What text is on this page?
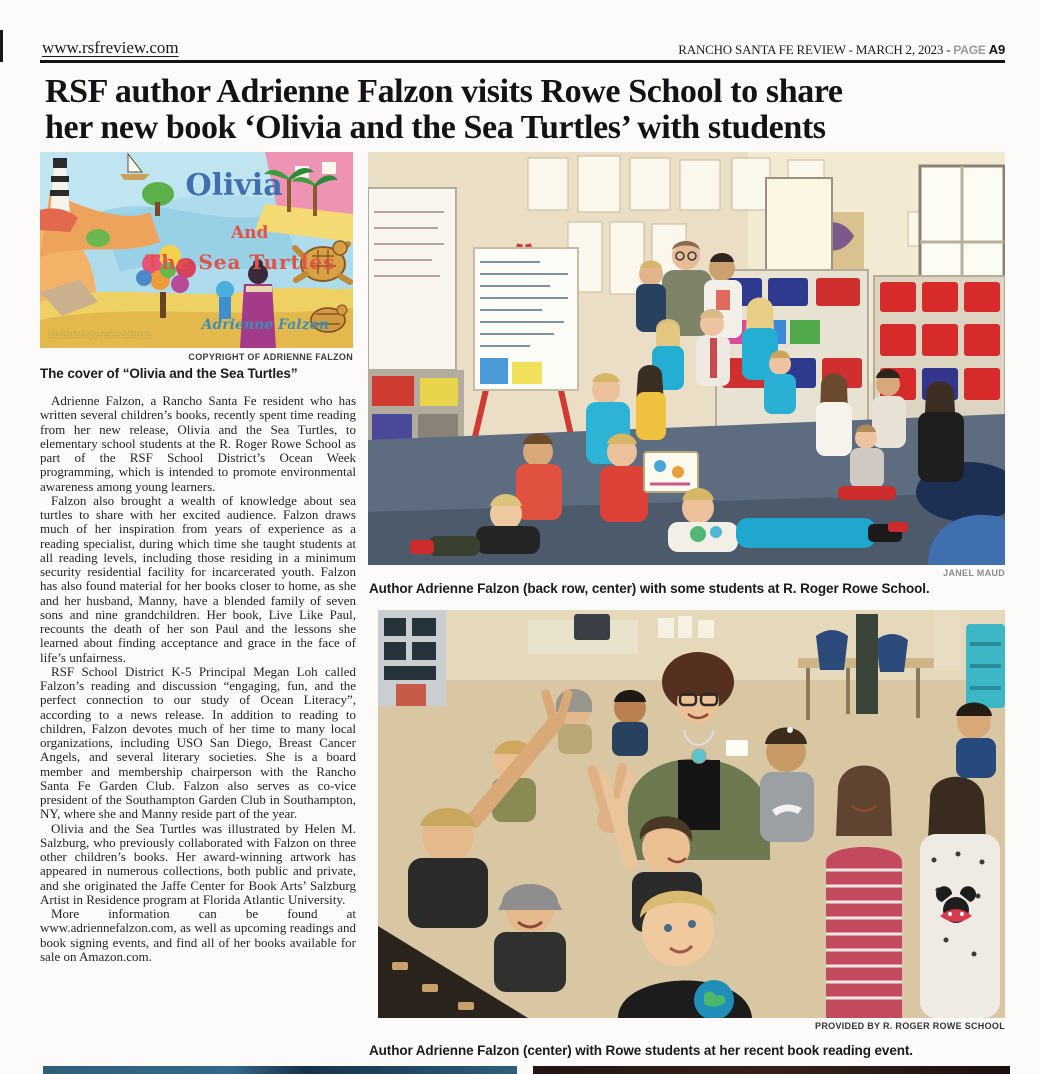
www.rsfreview.com	RANCHO SANTA FE REVIEW - MARCH 2, 2023 - PAGE A9
RSF author Adrienne Falzon visits Rowe School to share
her new book ‘Olivia and the Sea Turtles’ with students
Olivia
And
The Sea Turtles
Adrienne Falzon
Illustrations by Helen Salzburg
COPYRIGHT OF ADRIENNE FALZON
The cover of “Olivia and the Sea Turtles”

Adrienne Falzon, a Rancho Santa Fe resident who has written several children’s books, recently spent time reading from her new release, Olivia and the Sea Turtles, to elementary school students at the R. Roger Rowe School as part of the RSF School District’s Ocean Week programming, which is intended to promote environmental awareness among young learners.

Falzon also brought a wealth of knowledge about sea turtles to share with her excited audience. Falzon draws much of her inspiration from years of experience as a reading specialist, during which time she taught students at all reading levels, including those residing in a minimum security residential facility for incarcerated youth. Falzon has also found material for her books closer to home, as she and her husband, Manny, have a blended family of seven sons and nine grandchildren. Her book, Live Like Paul, recounts the death of her son Paul and the lessons she learned about finding acceptance and grace in the face of life’s unfairness.

RSF School District K-5 Principal Megan Loh called Falzon’s reading and discussion “engaging, fun, and the perfect connection to our study of Ocean Literacy”, according to a news release. In addition to reading to children, Falzon devotes much of her time to many local organizations, including USO San Diego, Breast Cancer Angels, and several literary societies. She is a board member and membership chairperson with the Rancho Santa Fe Garden Club. Falzon also serves as co-vice president of the Southampton Garden Club in Southampton, NY, where she and Manny reside part of the year.

Olivia and the Sea Turtles was illustrated by Helen M. Salzburg, who previously collaborated with Falzon on three other children’s books. Her award-winning artwork has appeared in numerous collections, both public and private, and she originated the Jaffe Center for Book Arts’ Salzburg Artist in Residence program at Florida Atlantic University.

More information can be found at www.adriennefalzon.com, as well as upcoming readings and book signing events, and find all of her books available for sale on Amazon.com.

JANEL MAUD
Author Adrienne Falzon (back row, center) with some students at R. Roger Rowe School.
PROVIDED BY R. ROGER ROWE SCHOOL
Author Adrienne Falzon (center) with Rowe students at her recent book reading event.
